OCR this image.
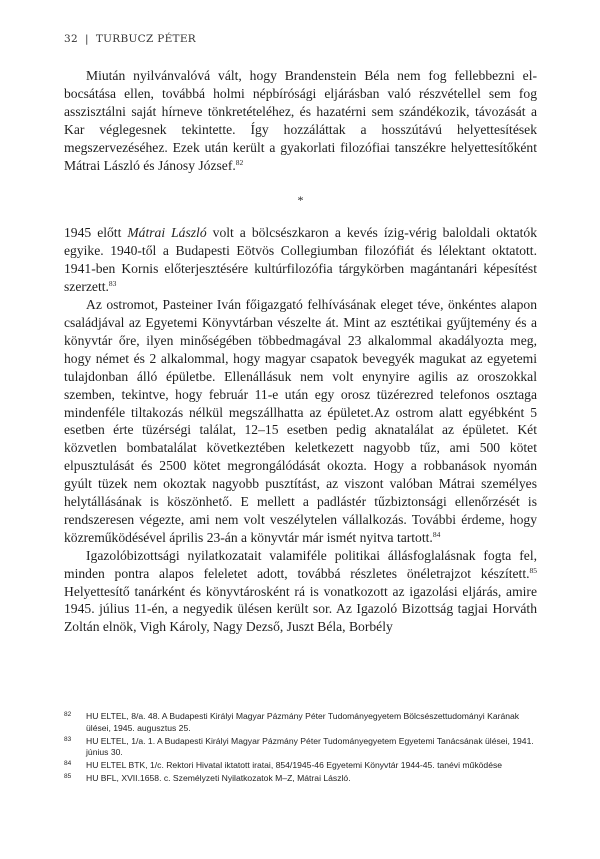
32 | TURBUCZ PÉTER

Miután nyilvánvalóvá vált, hogy Brandenstein Béla nem fog fellebbezni elbocsátása ellen, továbbá holmi népbírósági eljárásban való részvétellel sem fog asszisztálni saját hírneve tönkretételéhez, és hazatérni sem szándékozik, távozását a Kar véglegesnek tekintette. Így hozzáláttak a hosszútávú helyettesítések megszervezéséhez. Ezek után került a gyakorlati filozófiai tanszékre helyettesítőként Mátrai László és Jánosy József.$^{82}$

*

1945 előtt Mátrai László volt a bölcsészkaron a kevés ízig-vérig baloldali oktatók egyike. 1940-től a Budapesti Eötvös Collegiumban filozófiát és lélektant oktatott. 1941-ben Kornis előterjesztésére kultúrfilozófia tárgykörben magántanári képesítést szerzett.$^{83}$

Az ostromot, Pasteiner Iván főigazgató felhívásának eleget téve, önkéntes alapon családjával az Egyetemi Könyvtárban vészelte át. Mint az esztétikai gyűjtemény és a könyvtár őre, ilyen minőségében többedmagával 23 alkalommal akadályozta meg, hogy német és 2 alkalommal, hogy magyar csapatok bevegyék magukat az egyetemi tulajdonban álló épületbe. Ellenállásuk nem volt enynyire agilis az oroszokkal szemben, tekintve, hogy február 11-e után egy orosz tüzérezred telefonos osztaga mindenféle tiltakozás nélkül megszállhatta az épületet.Az ostrom alatt egyébként 5 esetben érte tüzérségi találat, 12–15 esetben pedig aknatalálat az épületet. Két közvetlen bombatalálat következtében keletkezett nagyobb tűz, ami 500 kötet elpusztulását és 2500 kötet megrongálódását okozta. Hogy a robbanások nyomán gyúlt tüzek nem okoztak nagyobb pusztítást, az viszont valóban Mátrai személyes helytállásának is köszönhető. E mellett a padlástér tűzbiztonsági ellenőrzését is rendszeresen végezte, ami nem volt veszélytelen vállalkozás. További érdeme, hogy közreműködésével április 23-án a könyvtár már ismét nyitva tartott.$^{84}$

Igazolóbizottsági nyilatkozatait valamiféle politikai állásfoglalásnak fogta fel, minden pontra alapos feleletet adott, továbbá részletes önéletrajzot készített.$^{85}$ Helyettesítő tanárként és könyvtárosként rá is vonatkozott az igazolási eljárás, amire 1945. július 11-én, a negyedik ülésen került sor. Az Igazoló Bizottság tagjai Horváth Zoltán elnök, Vigh Károly, Nagy Dezső, Juszt Béla, Borbély

82 HU ELTEL, 8/a. 48. A Budapesti Királyi Magyar Pázmány Péter Tudományegyetem Bölcsészettudományi Karának ülései, 1945. augusztus 25.
83 HU ELTEL, 1/a. 1. A Budapesti Királyi Magyar Pázmány Péter Tudományegyetem Egyetemi Tanácsának ülései, 1941. június 30.
84 HU ELTEL BTK, 1/c. Rektori Hivatal iktatott iratai, 854/1945-46 Egyetemi Könyvtár 1944-45. tanévi működése
85 HU BFL, XVII.1658. c. Személyzeti Nyilatkozatok M–Z, Mátrai László.
